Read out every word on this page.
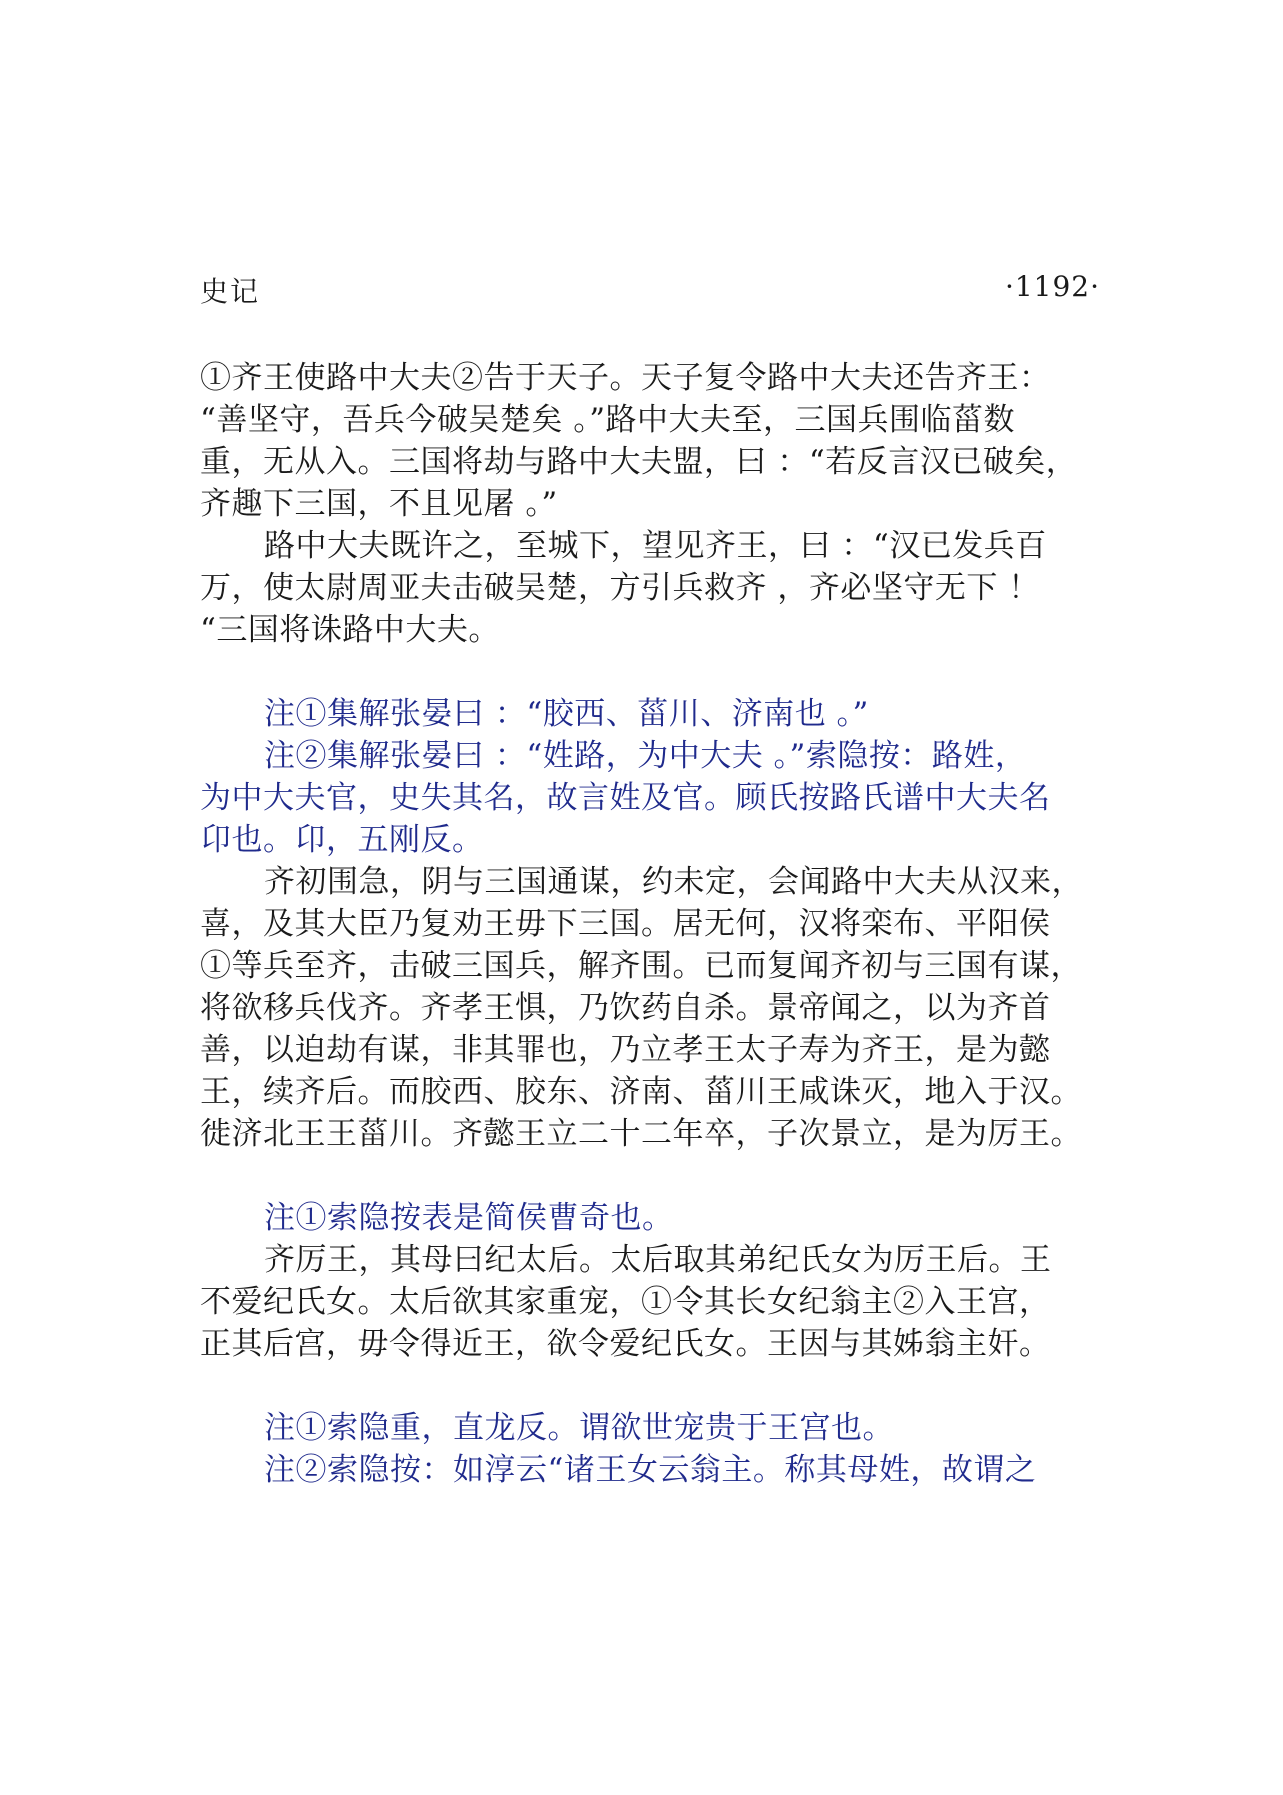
史记	·1192·
①齐王使路中大夫②告于天子。天子复令路中大夫还告齐王：
“善坚守，吾兵今破吴楚矣 。”路中大夫至，三国兵围临菑数
重，无从入。三国将劫与路中大夫盟，曰 ：“若反言汉已破矣，
齐趣下三国，不且见屠 。”
路中大夫既许之，至城下，望见齐王，曰 ：“汉已发兵百
万，使太尉周亚夫击破吴楚，方引兵救齐 ，齐必坚守无下 ！
“三国将诛路中大夫。
注①集解张晏曰 ：“胶西、菑川、济南也 。”
注②集解张晏曰 ：“姓路，为中大夫 。”索隐按：路姓，
为中大夫官，史失其名，故言姓及官。顾氏按路氏谱中大夫名
卬也。卬，五刚反。
齐初围急，阴与三国通谋，约未定，会闻路中大夫从汉来，
喜，及其大臣乃复劝王毋下三国。居无何，汉将栾布、平阳侯
①等兵至齐，击破三国兵，解齐围。已而复闻齐初与三国有谋，
将欲移兵伐齐。齐孝王惧，乃饮药自杀。景帝闻之，以为齐首
善，以迫劫有谋，非其罪也，乃立孝王太子寿为齐王，是为懿
王，续齐后。而胶西、胶东、济南、菑川王咸诛灭，地入于汉。
徙济北王王菑川。齐懿王立二十二年卒，子次景立，是为厉王。
注①索隐按表是简侯曹奇也。
齐厉王，其母曰纪太后。太后取其弟纪氏女为厉王后。王
不爱纪氏女。太后欲其家重宠，①令其长女纪翁主②入王宫，
正其后宫，毋令得近王，欲令爱纪氏女。王因与其姊翁主奸。
注①索隐重，直龙反。谓欲世宠贵于王宫也。
注②索隐按：如淳云“诸王女云翁主。称其母姓，故谓之
